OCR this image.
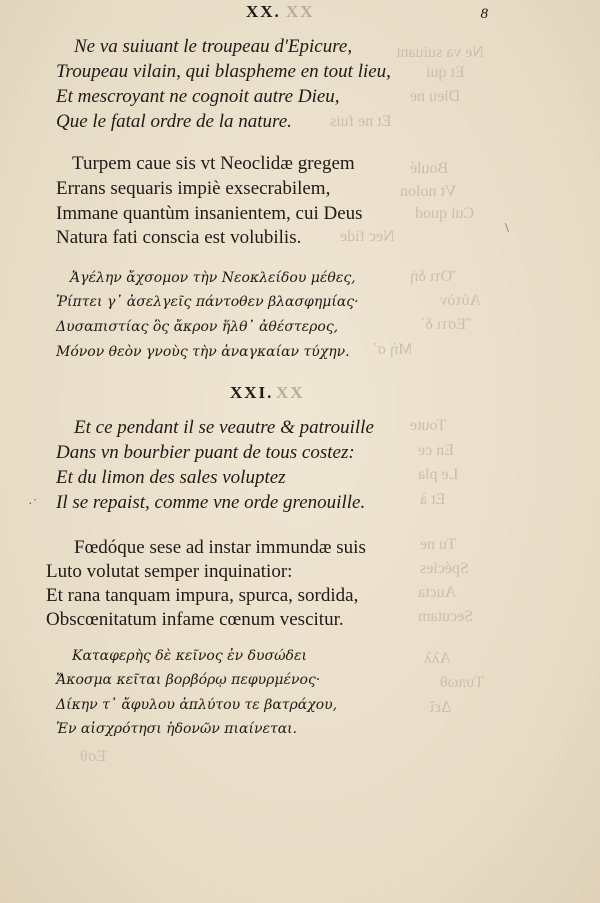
Ne va suiuant
Et qui
Dieu ne
Et ne fuis
Boulé
Vt nolon
Cui quod
Nec fide
Ὅτι δὴ
Αὐτὸν
Ἔστι δ᾽
Μὴ σ᾽
Toute
En ce
Le pla
Et à
Tu ne
Spécies
Aucta
Secutam
Αλλ
Τυπωθ
Δεῖ
Ἐσθ
XX. XX	8
Ne va suiuant le troupeau d'Epicure,
Troupeau vilain, qui blaspheme en tout lieu,
Et mescroyant ne cognoit autre Dieu,
Que le fatal ordre de la nature.
Turpem caue sis vt Neoclidæ gregem
Errans sequaris impiè exsecrabilem,
Immane quantùm insanientem, cui Deus
Natura fati conscia est volubilis.
Ἀγέλην ἄχσομον τὴν Νεοκλείδου μέθες,
Ῥίπτει γ᾽ ἀσελγεῖς πάντοθεν βλασφημίας·
Δυσαπιστίας ὃς ἄκρον ἥλθ᾽ ἀθέστερος,
Μόνον θεὸν γνοὺς τὴν ἀναγκαίαν τύχην.
XXI. XX
Et ce pendant il se veautre & patrouille
Dans vn bourbier puant de tous costez:
Et du limon des sales voluptez
Il se repaist, comme vne orde grenouille.
Fœdóque sese ad instar immundæ suis
Luto volutat semper inquinatior:
Et rana tanquam impura, spurca, sordida,
Obscœnitatum infame cœnum vescitur.
Καταφερὴς δὲ κεῖνος ἐν δυσώδει
Ἄκοσμα κεῖται βορβόρῳ πεφυρμένος·
Δίκην τ᾽ ἄφυλου ἀπλύτου τε βατράχου,
Ἐν αἰσχρότησι ἡδονῶν πιαίνεται.
·˙
\
